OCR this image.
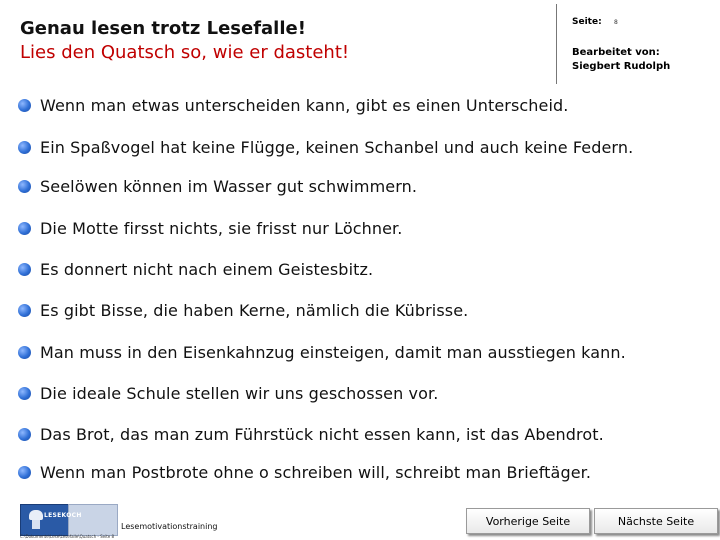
Genau lesen trotz Lesefalle!
Lies den Quatsch so, wie er dasteht!
Seite: 8
Bearbeitet von:
Siegbert Rudolph
Wenn man etwas unterscheiden kann, gibt es einen Unterscheid.
Ein Spaßvogel hat keine Flügge, keinen Schanbel und auch keine Federn.
Seelöwen können im Wasser gut schwimmern.
Die Motte firsst nichts, sie frisst nur Löchner.
Es donnert nicht nach einem Geistesbitz.
Es gibt Bisse, die haben Kerne, nämlich die Kübrisse.
Man muss in den Eisenkahnzug einsteigen, damit man ausstiegen kann.
Die ideale Schule stellen wir uns geschossen vor.
Das Brot, das man zum Führstück nicht essen kann, ist das Abendrot.
Wenn man Postbrote ohne o schreiben will, schreibt man Brieftäger.
LESEKOCH
Lesemotivationstraining
C:\Dokumente\Lese\Lesefalle\Quatsch - Seite 8
Vorherige Seite	Nächste Seite
